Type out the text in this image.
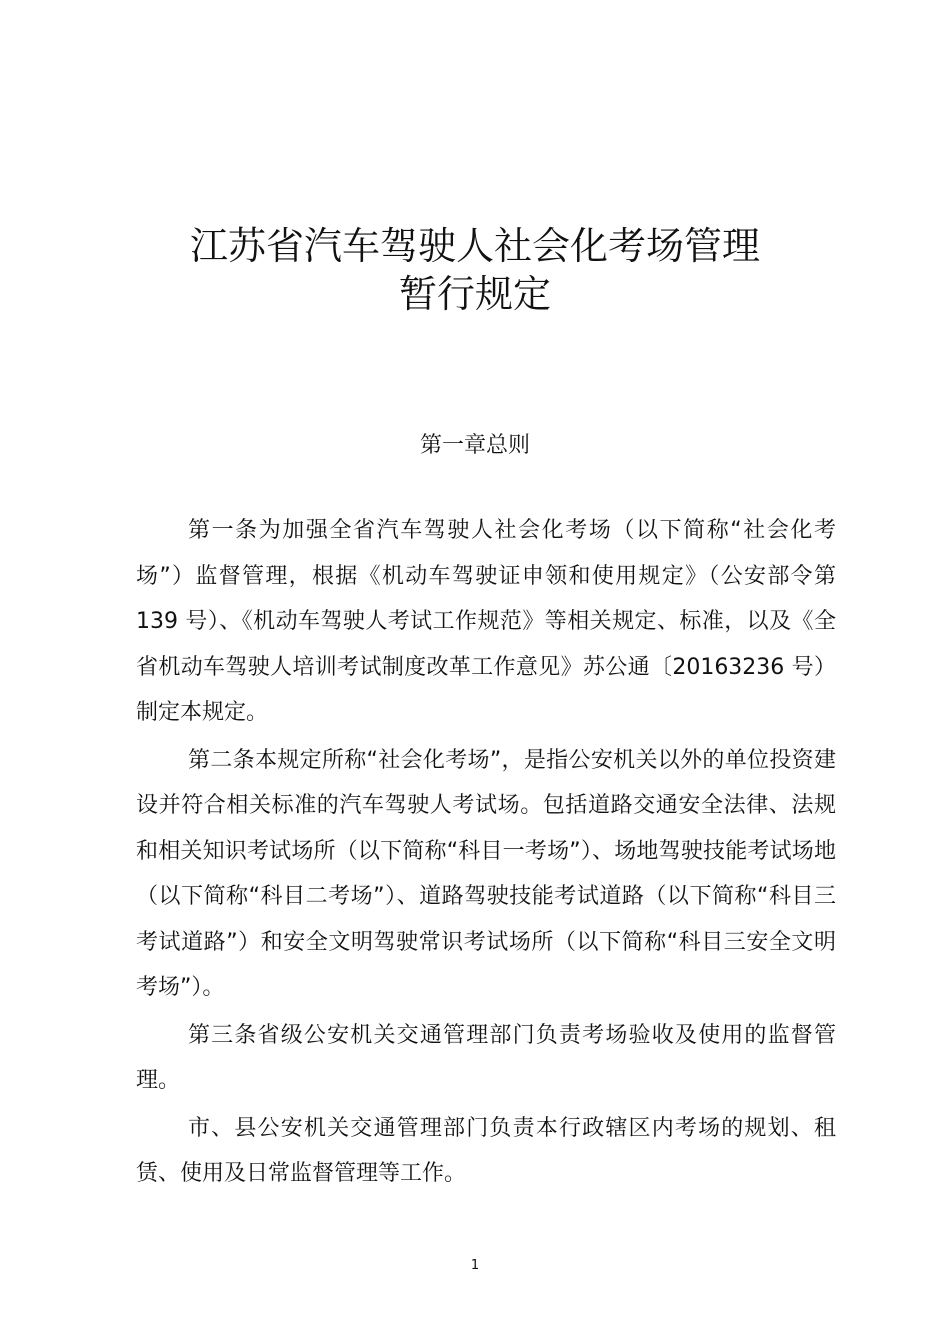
江苏省汽车驾驶人社会化考场管理
暂行规定
第一章总则

第一条为加强全省汽车驾驶人社会化考场（以下简称“社会化考场”）监督管理，根据《机动车驾驶证申领和使用规定》（公安部令第 139 号）、《机动车驾驶人考试工作规范》等相关规定、标准，以及《全省机动车驾驶人培训考试制度改革工作意见》苏公通〔20163236 号）制定本规定。

第二条本规定所称“社会化考场”，是指公安机关以外的单位投资建设并符合相关标准的汽车驾驶人考试场。包括道路交通安全法律、法规和相关知识考试场所（以下简称“科目一考场”）、场地驾驶技能考试场地（以下简称“科目二考场”）、道路驾驶技能考试道路（以下简称“科目三考试道路”）和安全文明驾驶常识考试场所（以下简称“科目三安全文明考场”）。

第三条省级公安机关交通管理部门负责考场验收及使用的监督管理。

市、县公安机关交通管理部门负责本行政辖区内考场的规划、租赁、使用及日常监督管理等工作。

1
